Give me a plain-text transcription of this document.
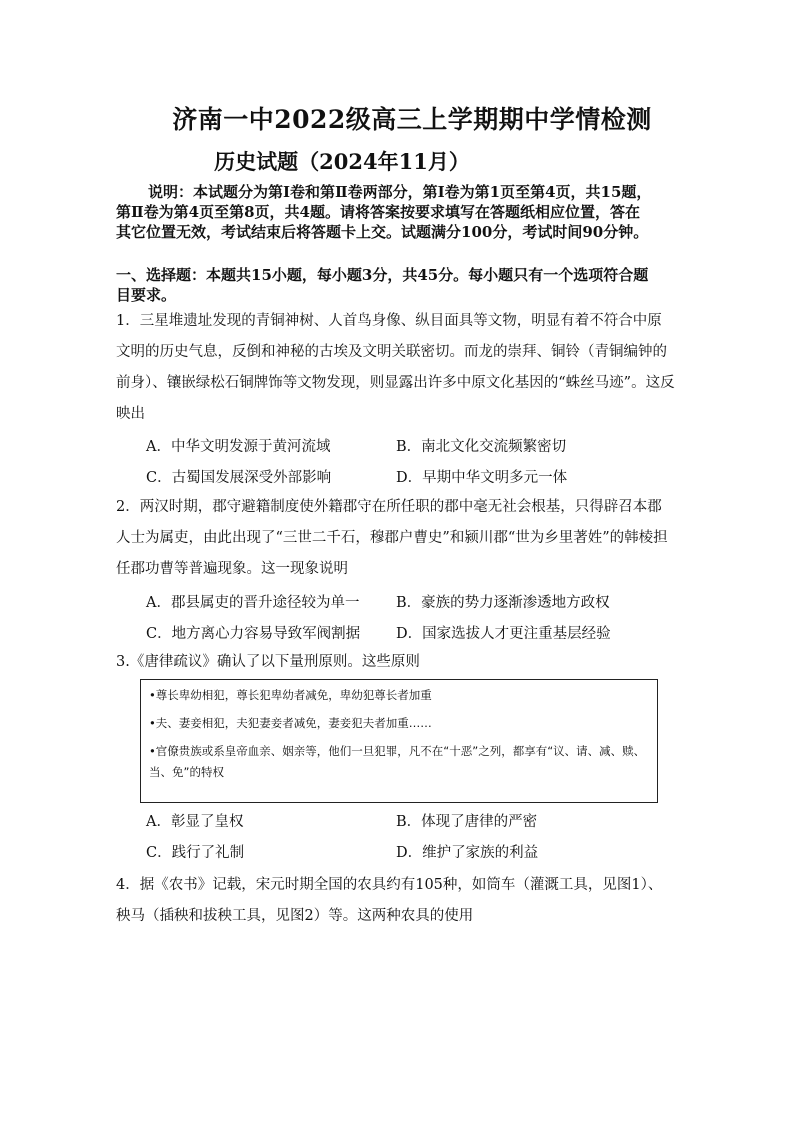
济南一中2022级高三上学期期中学情检测
历史试题（2024年11月）
说明：本试题分为第Ⅰ卷和第Ⅱ卷两部分，第Ⅰ卷为第1页至第4页，共15题，第Ⅱ卷为第4页至第8页，共4题。请将答案按要求填写在答题纸相应位置，答在其它位置无效，考试结束后将答题卡上交。试题满分100分，考试时间90分钟。
一、选择题：本题共15小题，每小题3分，共45分。每小题只有一个选项符合题目要求。
1．三星堆遗址发现的青铜神树、人首鸟身像、纵目面具等文物，明显有着不符合中原文明的历史气息，反倒和神秘的古埃及文明关联密切。而龙的崇拜、铜铃（青铜编钟的前身）、镶嵌绿松石铜牌饰等文物发现，则显露出许多中原文化基因的“蛛丝马迹”。这反映出
A．中华文明发源于黄河流域	B．南北文化交流频繁密切
C．古蜀国发展深受外部影响	D．早期中华文明多元一体
2．两汉时期，郡守避籍制度使外籍郡守在所任职的郡中毫无社会根基，只得辟召本郡人士为属吏，由此出现了“三世二千石，穆郡户曹史”和颍川郡“世为乡里著姓”的韩棱担任郡功曹等普遍现象。这一现象说明
A．郡县属吏的晋升途径较为单一	B．豪族的势力逐渐渗透地方政权
C．地方离心力容易导致军阀割据	D．国家选拔人才更注重基层经验
3.《唐律疏议》确认了以下量刑原则。这些原则
•尊长卑幼相犯，尊长犯卑幼者减免，卑幼犯尊长者加重
•夫、妻妾相犯，夫犯妻妾者减免，妻妾犯夫者加重……
•官僚贵族或系皇帝血亲、姻亲等，他们一旦犯罪，凡不在“十恶”之列，都享有“议、请、减、赎、当、免”的特权
A．彰显了皇权	B．体现了唐律的严密
C．践行了礼制	D．维护了家族的利益
4．据《农书》记载，宋元时期全国的农具约有105种，如筒车（灌溉工具，见图1）、秧马（插秧和拔秧工具，见图2）等。这两种农具的使用
